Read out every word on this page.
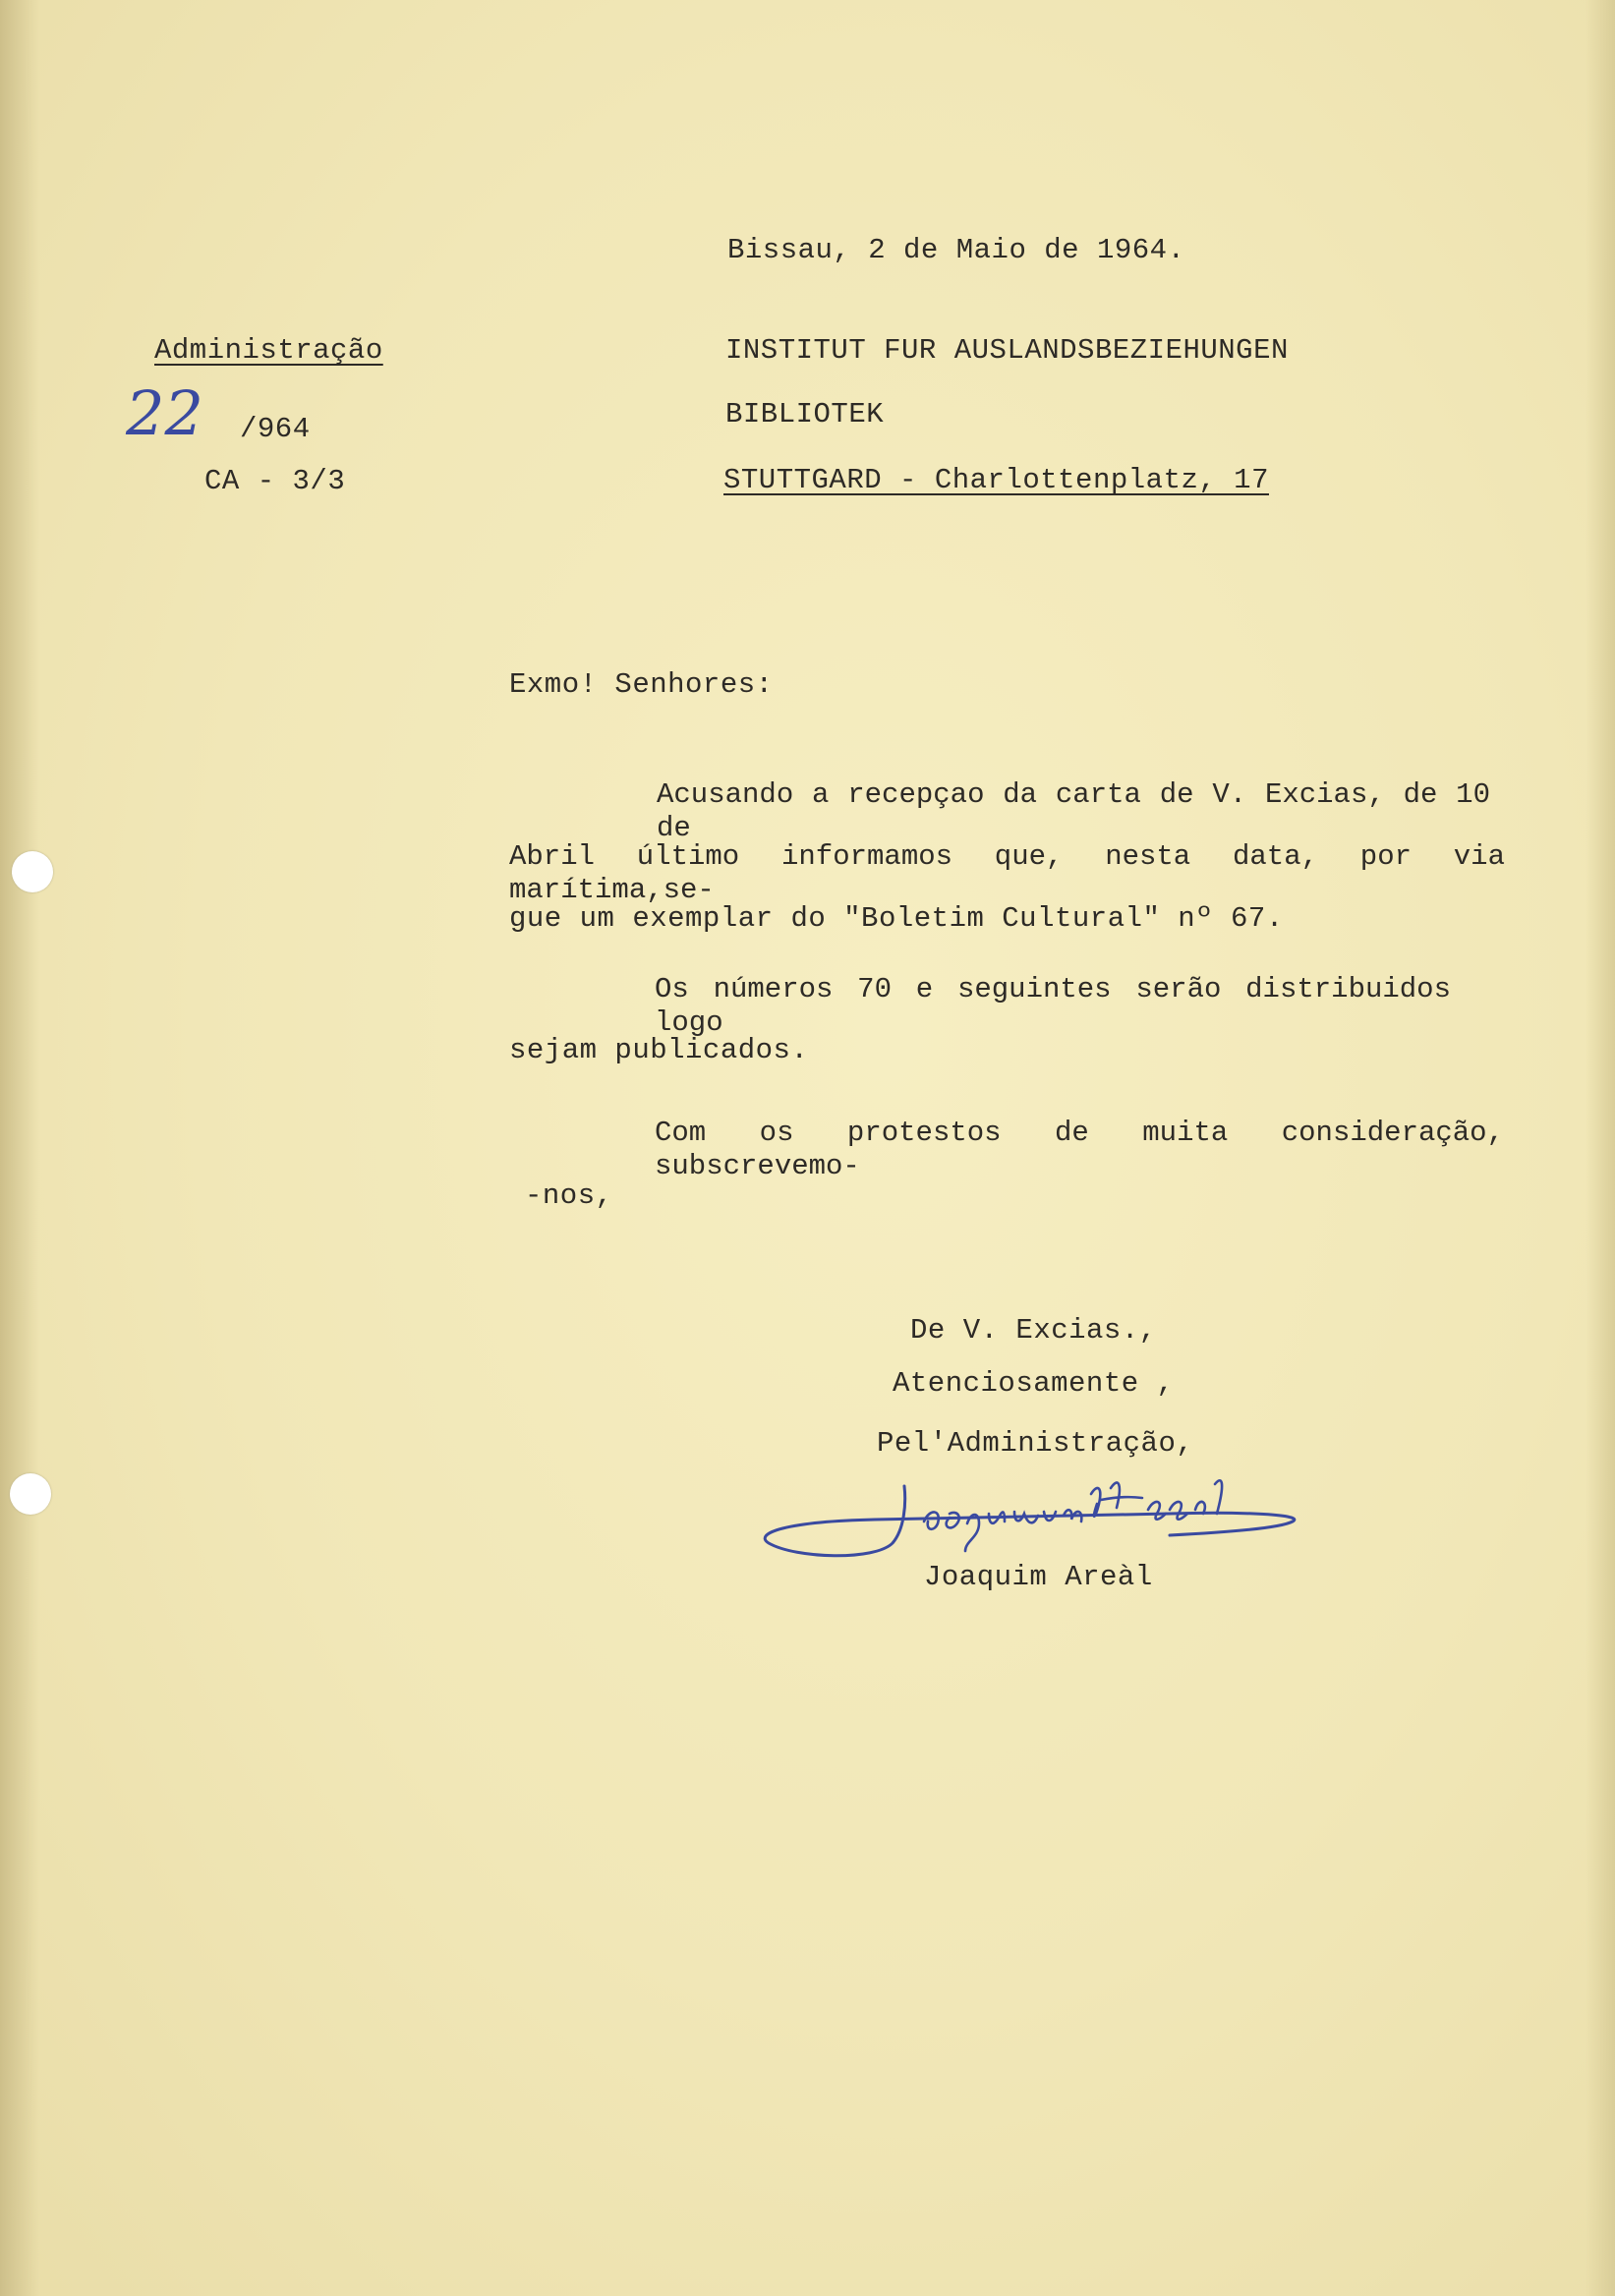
Bissau, 2 de Maio de 1964.
Administração
22 /964
CA - 3/3
INSTITUT FUR AUSLANDSBEZIEHUNGEN
BIBLIOTEK
STUTTGARD - Charlottenplatz, 17
Exmo! Senhores:
Acusando a recepçao da carta de V. Excias, de 10 de
Abril último informamos que, nesta data, por via marítima,se-
gue um exemplar do "Boletim Cultural" nº 67.
Os números 70 e seguintes serão distribuidos logo
sejam publicados.
Com os protestos de muita consideração, subscrevemo-
-nos,
De V. Excias.,
Atenciosamente ,
Pel'Administração,
Joaquim Areàl
